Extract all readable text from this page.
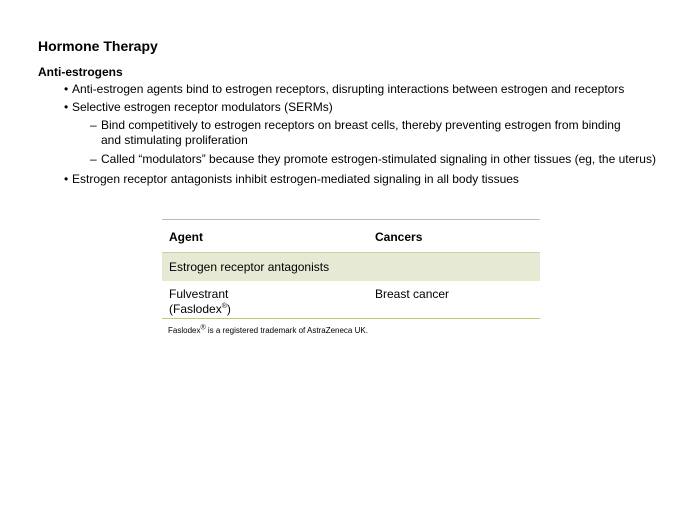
Hormone Therapy
Anti-estrogens
• Anti-estrogen agents bind to estrogen receptors, disrupting interactions between estrogen and receptors
• Selective estrogen receptor modulators (SERMs)
– Bind competitively to estrogen receptors on breast cells, thereby preventing estrogen from binding
and stimulating proliferation
– Called “modulators” because they promote estrogen-stimulated signaling in other tissues (eg, the uterus)
• Estrogen receptor antagonists inhibit estrogen-mediated signaling in all body tissues
Agent	Cancers
Estrogen receptor antagonists	
Fulvestrant
(Faslodex®)	Breast cancer
Faslodex® is a registered trademark of AstraZeneca UK.
